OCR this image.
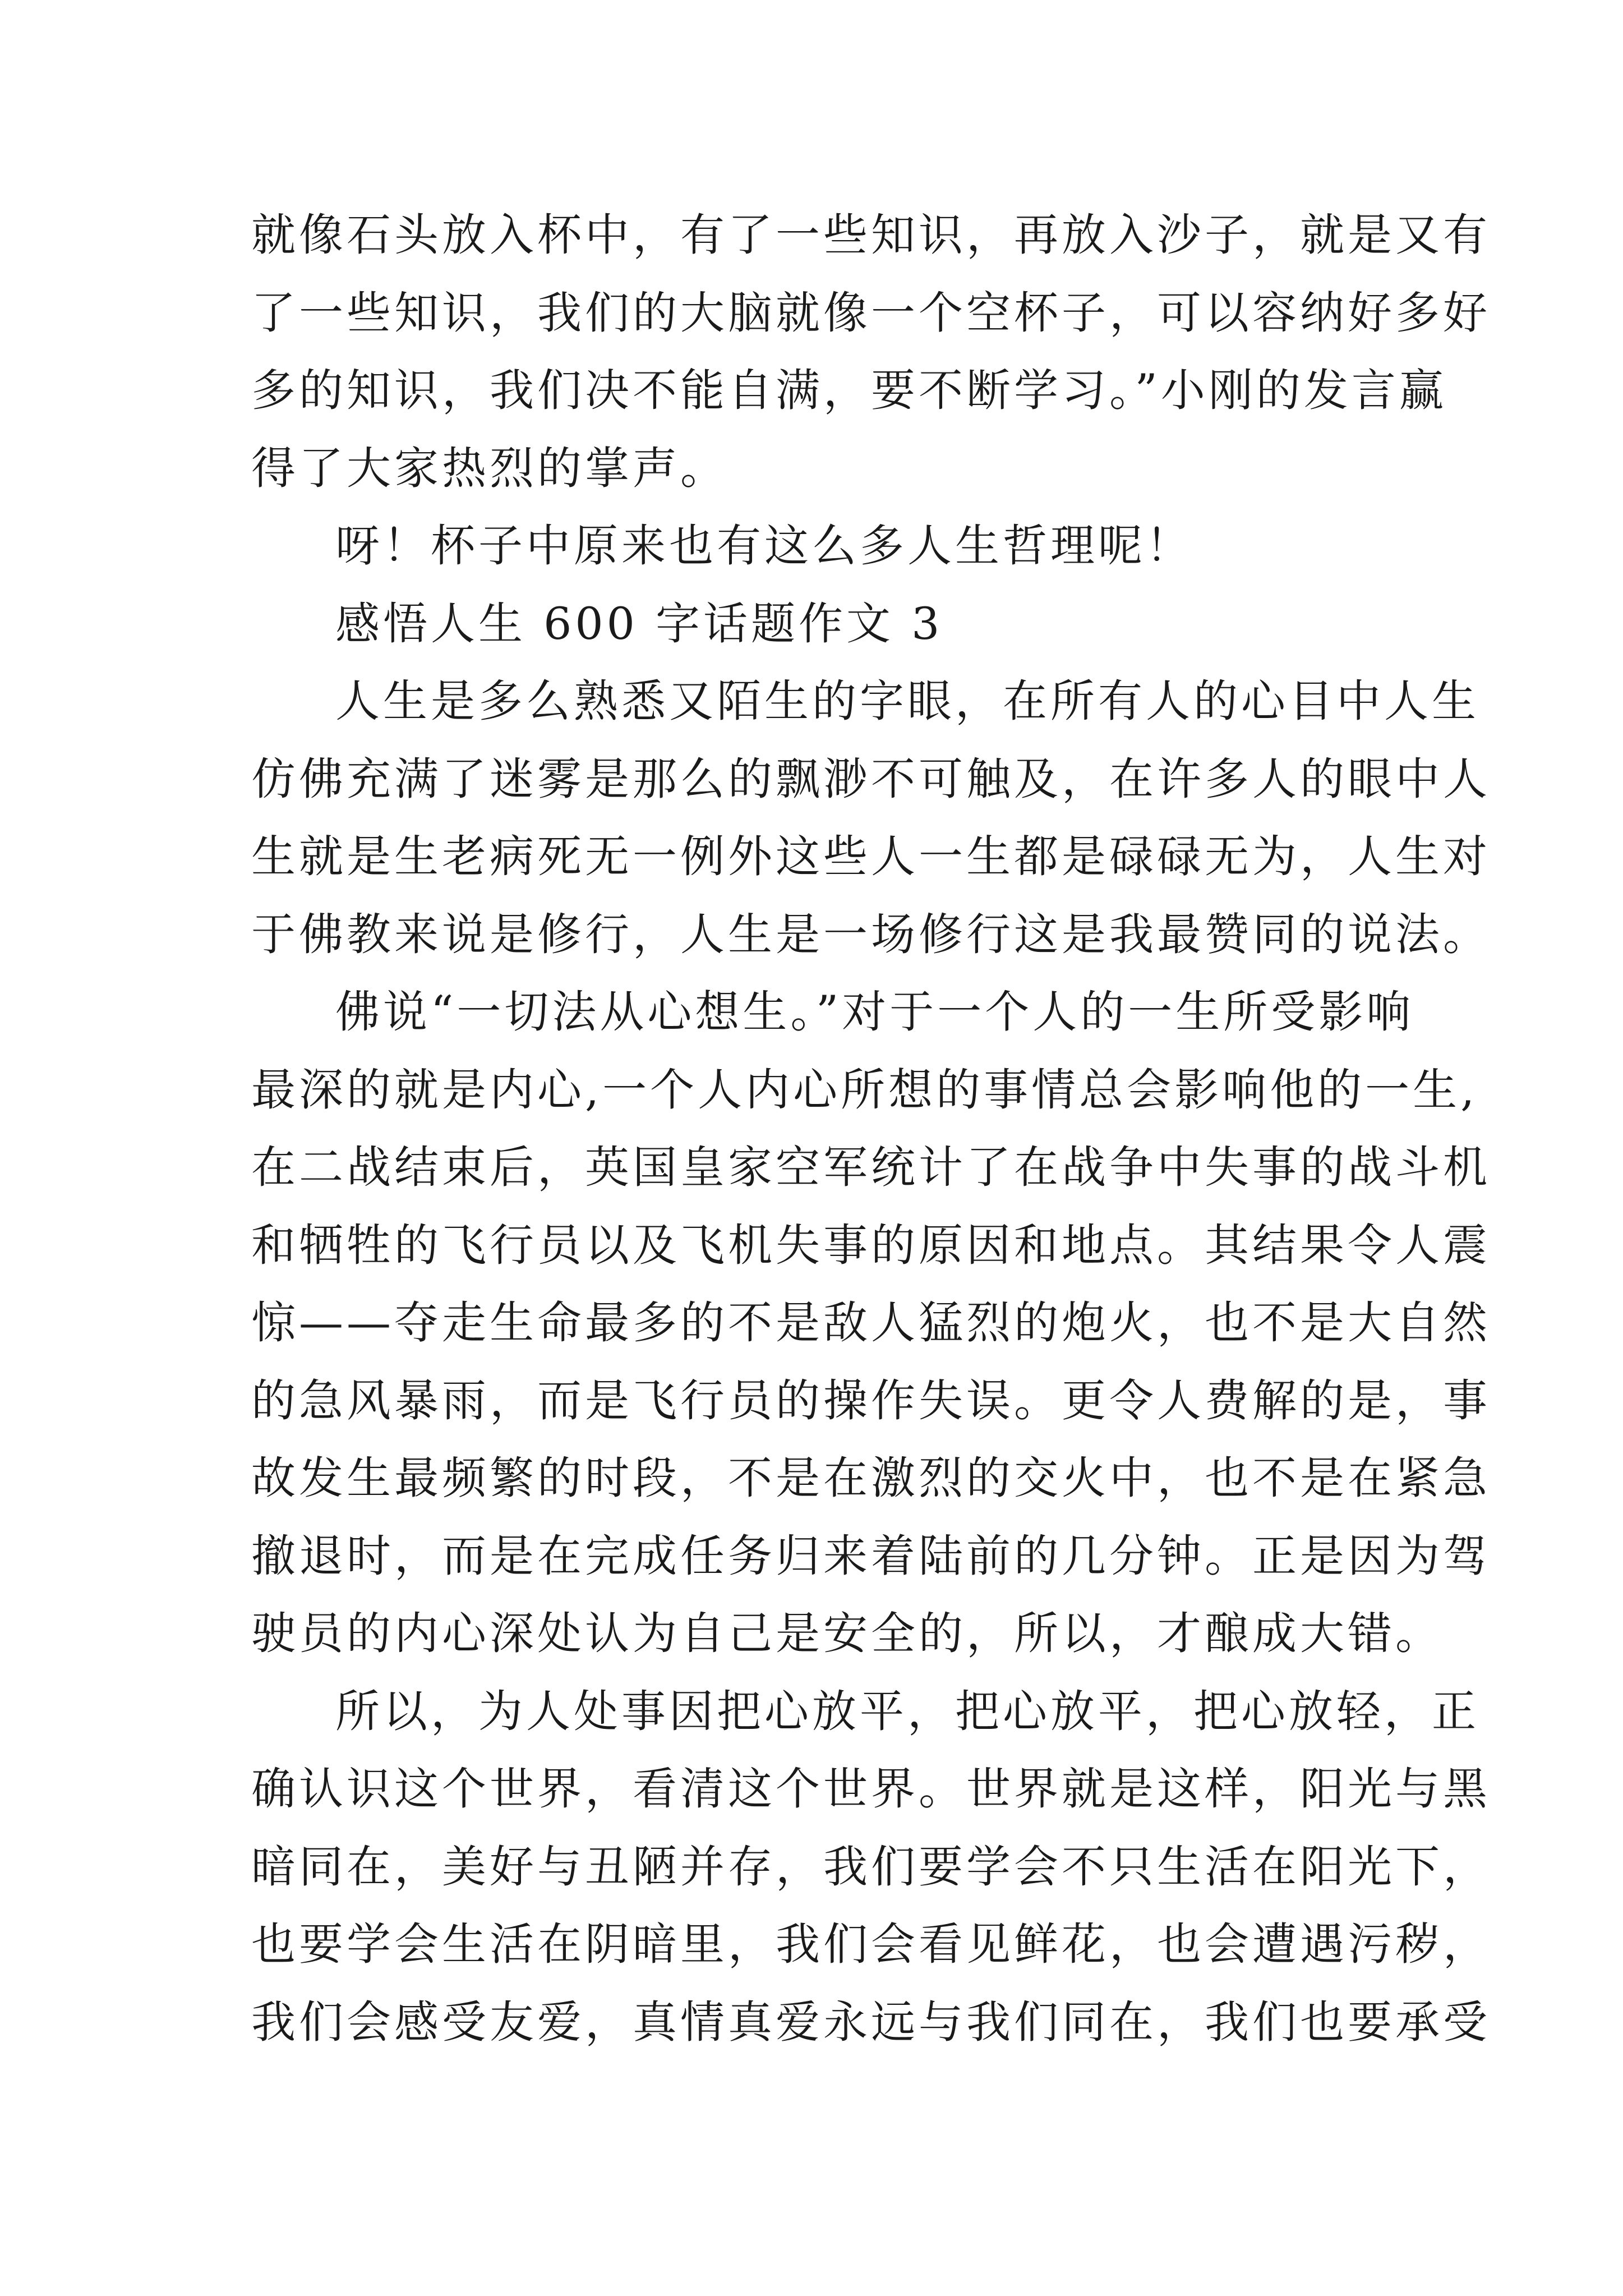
就像石头放入杯中，有了一些知识，再放入沙子，就是又有
了一些知识，我们的大脑就像一个空杯子，可以容纳好多好
多的知识，我们决不能自满，要不断学习。”小刚的发言赢
得了大家热烈的掌声。
呀！杯子中原来也有这么多人生哲理呢！
感悟人生 600 字话题作文 3
人生是多么熟悉又陌生的字眼，在所有人的心目中人生
仿佛充满了迷雾是那么的飘渺不可触及，在许多人的眼中人
生就是生老病死无一例外这些人一生都是碌碌无为，人生对
于佛教来说是修行，人生是一场修行这是我最赞同的说法。
佛说“一切法从心想生。”对于一个人的一生所受影响
最深的就是内心,一个人内心所想的事情总会影响他的一生,
在二战结束后，英国皇家空军统计了在战争中失事的战斗机
和牺牲的飞行员以及飞机失事的原因和地点。其结果令人震
惊——夺走生命最多的不是敌人猛烈的炮火，也不是大自然
的急风暴雨，而是飞行员的操作失误。更令人费解的是，事
故发生最频繁的时段，不是在激烈的交火中，也不是在紧急
撤退时，而是在完成任务归来着陆前的几分钟。正是因为驾
驶员的内心深处认为自己是安全的，所以，才酿成大错。
所以，为人处事因把心放平，把心放平，把心放轻，正
确认识这个世界，看清这个世界。世界就是这样，阳光与黑
暗同在，美好与丑陋并存，我们要学会不只生活在阳光下，
也要学会生活在阴暗里，我们会看见鲜花，也会遭遇污秽，
我们会感受友爱，真情真爱永远与我们同在，我们也要承受
